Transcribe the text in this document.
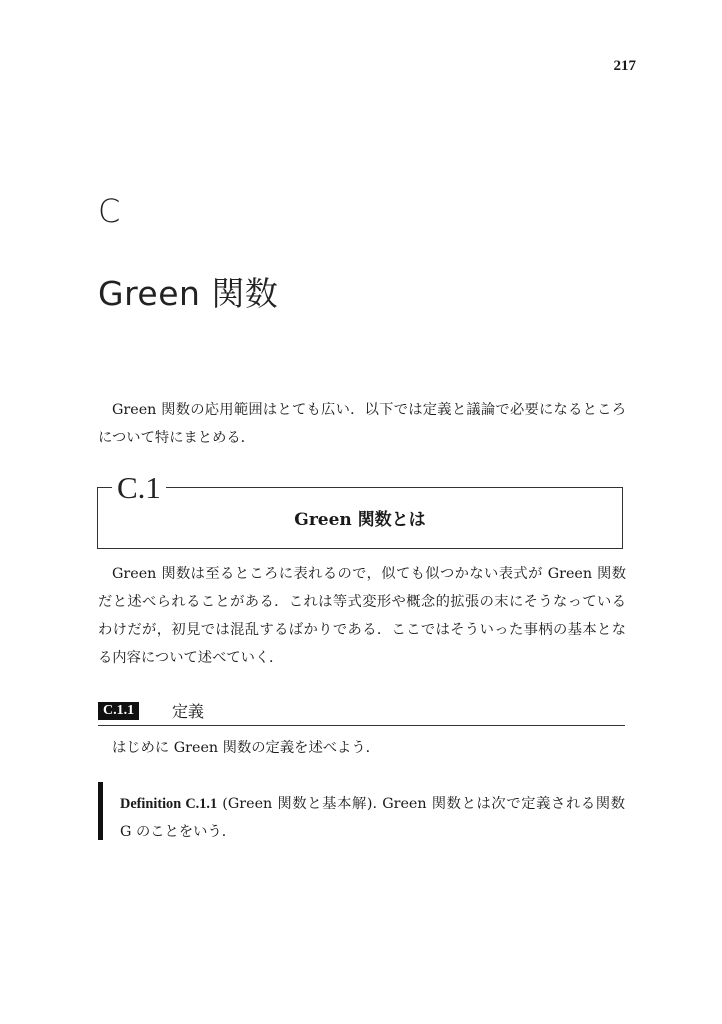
217
C
Green 関数

Green 関数の応用範囲はとても広い．以下では定義と議論で必要になるところについて特にまとめる．

C.1
Green 関数とは

Green 関数は至るところに表れるので，似ても似つかない表式が Green 関数だと述べられることがある．これは等式変形や概念的拡張の末にそうなっているわけだが，初見では混乱するばかりである．ここではそういった事柄の基本となる内容について述べていく．

C.1.1	定義

はじめに Green 関数の定義を述べよう．

Definition C.1.1 (Green 関数と基本解). Green 関数とは次で定義される関数 G のことをいう．
